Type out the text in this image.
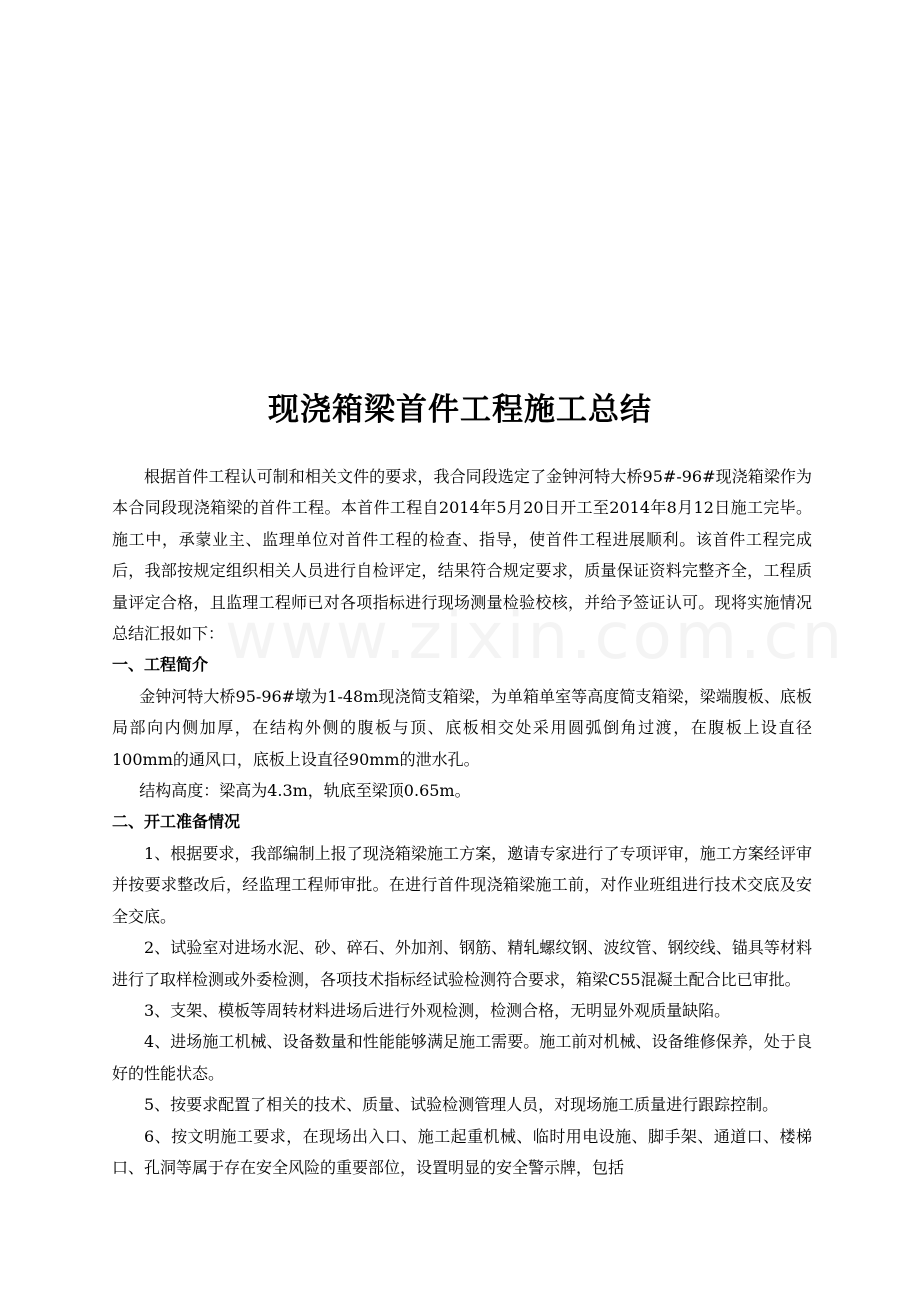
现浇箱梁首件工程施工总结

根据首件工程认可制和相关文件的要求，我合同段选定了金钟河特大桥95#-96#现浇箱梁作为本合同段现浇箱梁的首件工程。本首件工程自2014年5月20日开工至2014年8月12日施工完毕。施工中，承蒙业主、监理单位对首件工程的检查、指导，使首件工程进展顺利。该首件工程完成后，我部按规定组织相关人员进行自检评定，结果符合规定要求，质量保证资料完整齐全，工程质量评定合格，且监理工程师已对各项指标进行现场测量检验校核，并给予签证认可。现将实施情况总结汇报如下：

一、工程简介

金钟河特大桥95-96#墩为1-48m现浇简支箱梁，为单箱单室等高度简支箱梁，梁端腹板、底板局部向内侧加厚，在结构外侧的腹板与顶、底板相交处采用圆弧倒角过渡，在腹板上设直径100mm的通风口，底板上设直径90mm的泄水孔。

结构高度：梁高为4.3m，轨底至梁顶0.65m。

二、开工准备情况

1、根据要求，我部编制上报了现浇箱梁施工方案，邀请专家进行了专项评审，施工方案经评审并按要求整改后，经监理工程师审批。在进行首件现浇箱梁施工前，对作业班组进行技术交底及安全交底。

2、试验室对进场水泥、砂、碎石、外加剂、钢筋、精轧螺纹钢、波纹管、钢绞线、锚具等材料进行了取样检测或外委检测，各项技术指标经试验检测符合要求，箱梁C55混凝土配合比已审批。

3、支架、模板等周转材料进场后进行外观检测，检测合格，无明显外观质量缺陷。

4、进场施工机械、设备数量和性能能够满足施工需要。施工前对机械、设备维修保养，处于良好的性能状态。

5、按要求配置了相关的技术、质量、试验检测管理人员，对现场施工质量进行跟踪控制。

6、按文明施工要求，在现场出入口、施工起重机械、临时用电设施、脚手架、通道口、楼梯口、孔洞等属于存在安全风险的重要部位，设置明显的安全警示牌，包括
